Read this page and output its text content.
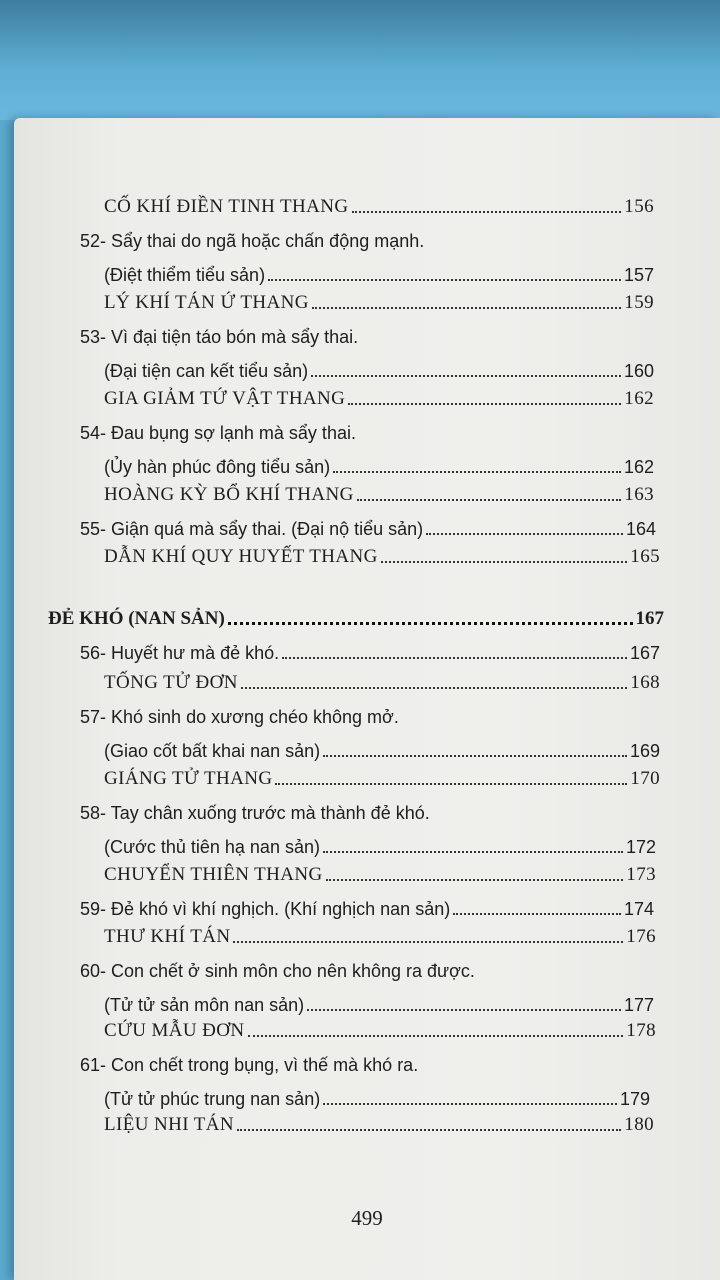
CỐ KHÍ ĐIỀN TINH THANG	156
52- Sẩy thai do ngã hoặc chấn động mạnh.
(Điệt thiểm tiểu sản)	157
LÝ KHÍ TÁN Ứ THANG	159
53- Vì đại tiện táo bón mà sẩy thai.
(Đại tiện can kết tiểu sản)	160
GIA GIẢM TỨ VẬT THANG	162
54- Đau bụng sợ lạnh mà sẩy thai.
(Ủy hàn phúc đông tiểu sản)	162
HOÀNG KỲ BỔ KHÍ THANG	163
55- Giận quá mà sẩy thai. (Đại nộ tiểu sản)	164
DẪN KHÍ QUY HUYẾT THANG	165
ĐẺ KHÓ (NAN SẢN)	167
56- Huyết hư mà đẻ khó.	167
TỐNG TỬ ĐƠN	168
57- Khó sinh do xương chéo không mở.
(Giao cốt bất khai nan sản)	169
GIÁNG TỬ THANG	170
58- Tay chân xuống trước mà thành đẻ khó.
(Cước thủ tiên hạ nan sản)	172
CHUYỂN THIÊN THANG	173
59- Đẻ khó vì khí nghịch. (Khí nghịch nan sản)	174
THƯ KHÍ TÁN	176
60- Con chết ở sinh môn cho nên không ra được.
(Tử tử sản môn nan sản)	177
CỨU MẪU ĐƠN	178
61- Con chết trong bụng, vì thế mà khó ra.
(Tử tử phúc trung nan sản)	179
LIỆU NHI TÁN	180
499
